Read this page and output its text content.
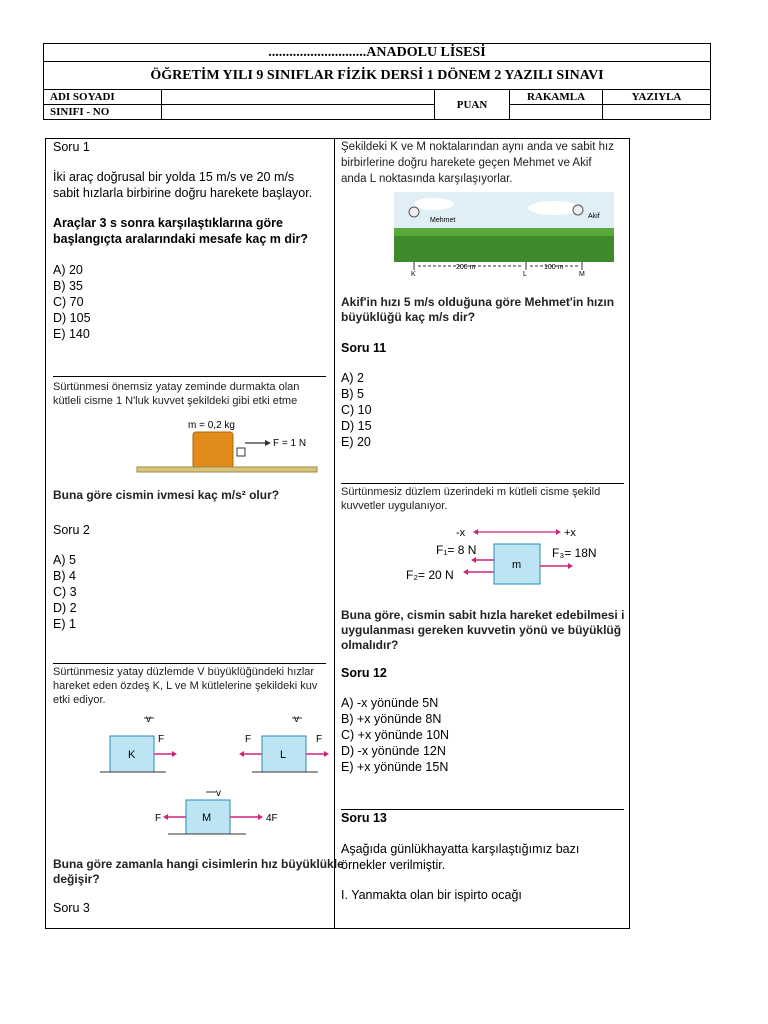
............................ANADOLU LİSESİ				
ÖĞRETİM YILI 9 SINIFLAR FİZİK DERSİ 1 DÖNEM 2 YAZILI SINAVI				
ADI SOYADI		PUAN	RAKAMLA	YAZIYLA
SINIFI - NO				
Soru 1
İki araç doğrusal bir yolda 15 m/s ve 20 m/s
sabit hızlarla birbirine doğru harekete başlayor.
Araçlar 3 s sonra karşılaştıklarına göre
başlangıçta aralarındaki mesafe kaç m dir?
A) 20
B) 35
C) 70
D) 105
E) 140
Sürtünmesi önemsiz yatay zeminde durmakta olan
kütleli cisme 1 N'luk kuvvet şekildeki gibi etki etme
m = 0,2 kg
F = 1 N
Buna göre cismin ivmesi kaç m/s² olur?
Soru 2
A) 5
B) 4
C) 3
D) 2
E) 1
Sürtünmesiz yatay düzlemde V büyüklüğündeki hızlar
hareket eden özdeş K, L ve M kütlelerine şekildeki kuv
etki ediyor.
v
K
F
v
L
F	F
v
M
F	4F
Buna göre zamanla hangi cisimlerin hız büyüklükle
değişir?
Soru 3
Şekildeki K ve M noktalarından aynı anda ve sabit hız
birbirlerine doğru harekete geçen Mehmet ve Akif
anda L noktasında karşılaşıyorlar.
Mehmet
Akif
200 m	100 m
K	L	M
Akif'in hızı 5 m/s olduğuna göre Mehmet'in hızın
büyüklüğü kaç m/s dir?
Soru 11
A) 2
B) 5
C) 10
D) 15
E) 20
Sürtünmesiz düzlem üzerindeki m kütleli cisme şekild
kuvvetler uygulanıyor.
-x	+x
m
F₁= 8 N
F₂= 20 N
F₃= 18N
Buna göre, cismin sabit hızla hareket edebilmesi i
uygulanması gereken kuvvetin yönü ve büyüklüğ
olmalıdır?
Soru 12
A) -x yönünde 5N
B) +x yönünde 8N
C) +x yönünde 10N
D) -x yönünde 12N
E) +x yönünde 15N
Soru 13
Aşağıda günlükhayatta karşılaştığımız bazı
örnekler verilmiştir.
I. Yanmakta olan bir ispirto ocağı
